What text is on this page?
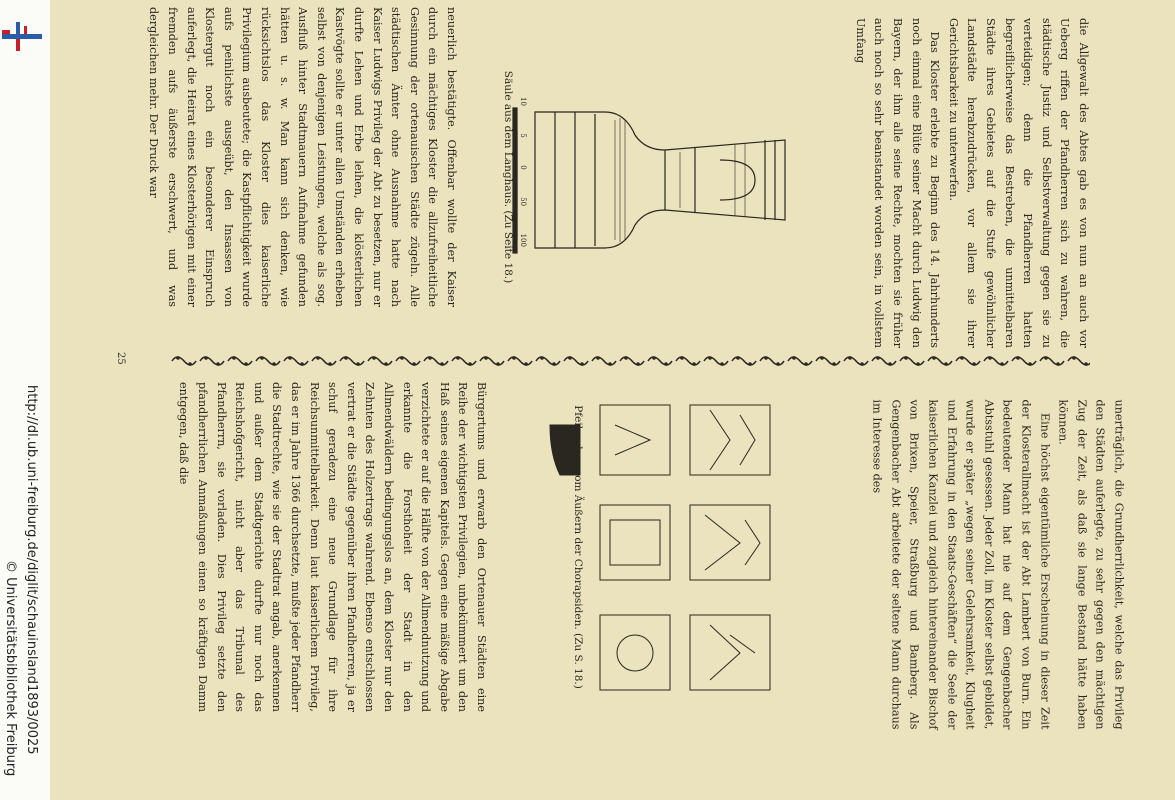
http://dl.ub.uni-freiburg.de/diglit/schauinsland1893/0025
© Universitätsbibliothek Freiburg

die Allgewalt des Abtes gab es von nun an auch vor Ueberg riffen der Pfandherren sich zu wahren, die städtische Justiz und Selbstverwaltung gegen sie zu verteidigen; denn die Pfandherren hatten begreiflicherweise das Bestreben, die unmittelbaren Städte ihres Gebietes auf die Stufe gewöhnlicher Landstädte herabzudrücken, vor allem sie ihrer Gerichtsbarkeit zu unterwerfen.

Das Kloster erlebte zu Beginn des 14. Jahrhunderts noch einmal eine Blüte seiner Macht durch Ludwig den Bayern, der ihm alle seine Rechte, mochten sie früher auch noch so sehr beanstandet worden sein, in vollstem Umfang

10
5
0
50
100
Säule aus dem Langhaus. (Zu Seite 18.)

neuerlich bestätigte. Offenbar wollte der Kaiser durch ein mächtiges Kloster die allzufreiheitliche Gesinnung der ortenauischen Städte zügeln. Alle städtischen Ämter ohne Ausnahme hatte nach Kaiser Ludwigs Privileg der Abt zu besetzen, nur er durfte Lehen und Erbe leihen, die klösterlichen Kastvögte sollte er unter allen Umständen erheben selbst von denjenigen Leistungen, welche als sog. Ausfluß hinter Stadtmauern Aufnahme gefunden hätten u. s. w. Man kann sich denken, wie rücksichtslos das Kloster dies kaiserliche Privilegium ausbeutete; die Kastpflichtigkeit wurde aufs peinlichste ausgeübt, den Insassen von Klostergut noch ein besonderer Einspruch auferlegt, die Heirat eines Klosterhörigen mit einer fremden aufs äußerste erschwert, und was dergleichen mehr. Der Druck war

25

unerträglich, die Grundherrlichkeit, welche das Privileg den Städten auferlegte, zu sehr gegen den mächtigen Zug der Zeit, als daß sie lange Bestand hätte haben können.

Eine höchst eigentümliche Erscheinung in dieser Zeit der Klosterallmacht ist der Abt Lambert von Burn. Ein bedeutender Mann hat nie auf dem Gengenbacher Abtsstuhl gesessen. Jeder Zoll, im Kloster selbst gebildet, wurde er später „wegen seiner Gelehrsamkeit, Klugheit und Erfahrung in den Staats-Geschäften“ die Seele der kaiserlichen Kanzlei und zugleich hintereinander Bischof von Brixen, Speier, Straßburg und Bamberg. Als Gengenbacher Abt arbeitete der seltene Mann durchaus im Interesse des

Pfeilerchen vom Äußern der Chorapsiden. (Zu S. 18.)

Bürgertums und erwarb den Ortenauer Städten eine Reihe der wichtigsten Privilegien, unbekümmert um den Haß seines eigenen Kapitels. Gegen eine mäßige Abgabe verzichtete er auf die Hälfte von der Allmendnutzung und erkannte die Forsthoheit der Stadt in den Allmendwäldern bedingungslos an, dem Kloster nur den Zehnten des Holzertrags wahrend. Ebenso entschlossen vertrat er die Städte gegenüber ihren Pfandherren, ja er schuf geradezu eine neue Grundlage für ihre Reichsunmittelbarkeit. Denn laut kaiserlichem Privileg, das er im Jahre 1366 durchsetzte, mußte jeder Pfandherr die Stadtrechte, wie sie der Stadtrat angab, anerkennen und außer dem Stadtgerichte durfte nur noch das Reichshofgericht, nicht aber das Tribunal des Pfandherrn, sie vorladen. Dies Privileg setzte den pfandherrlichen Anmaßungen einen so kräftigen Damm entgegen, daß die
